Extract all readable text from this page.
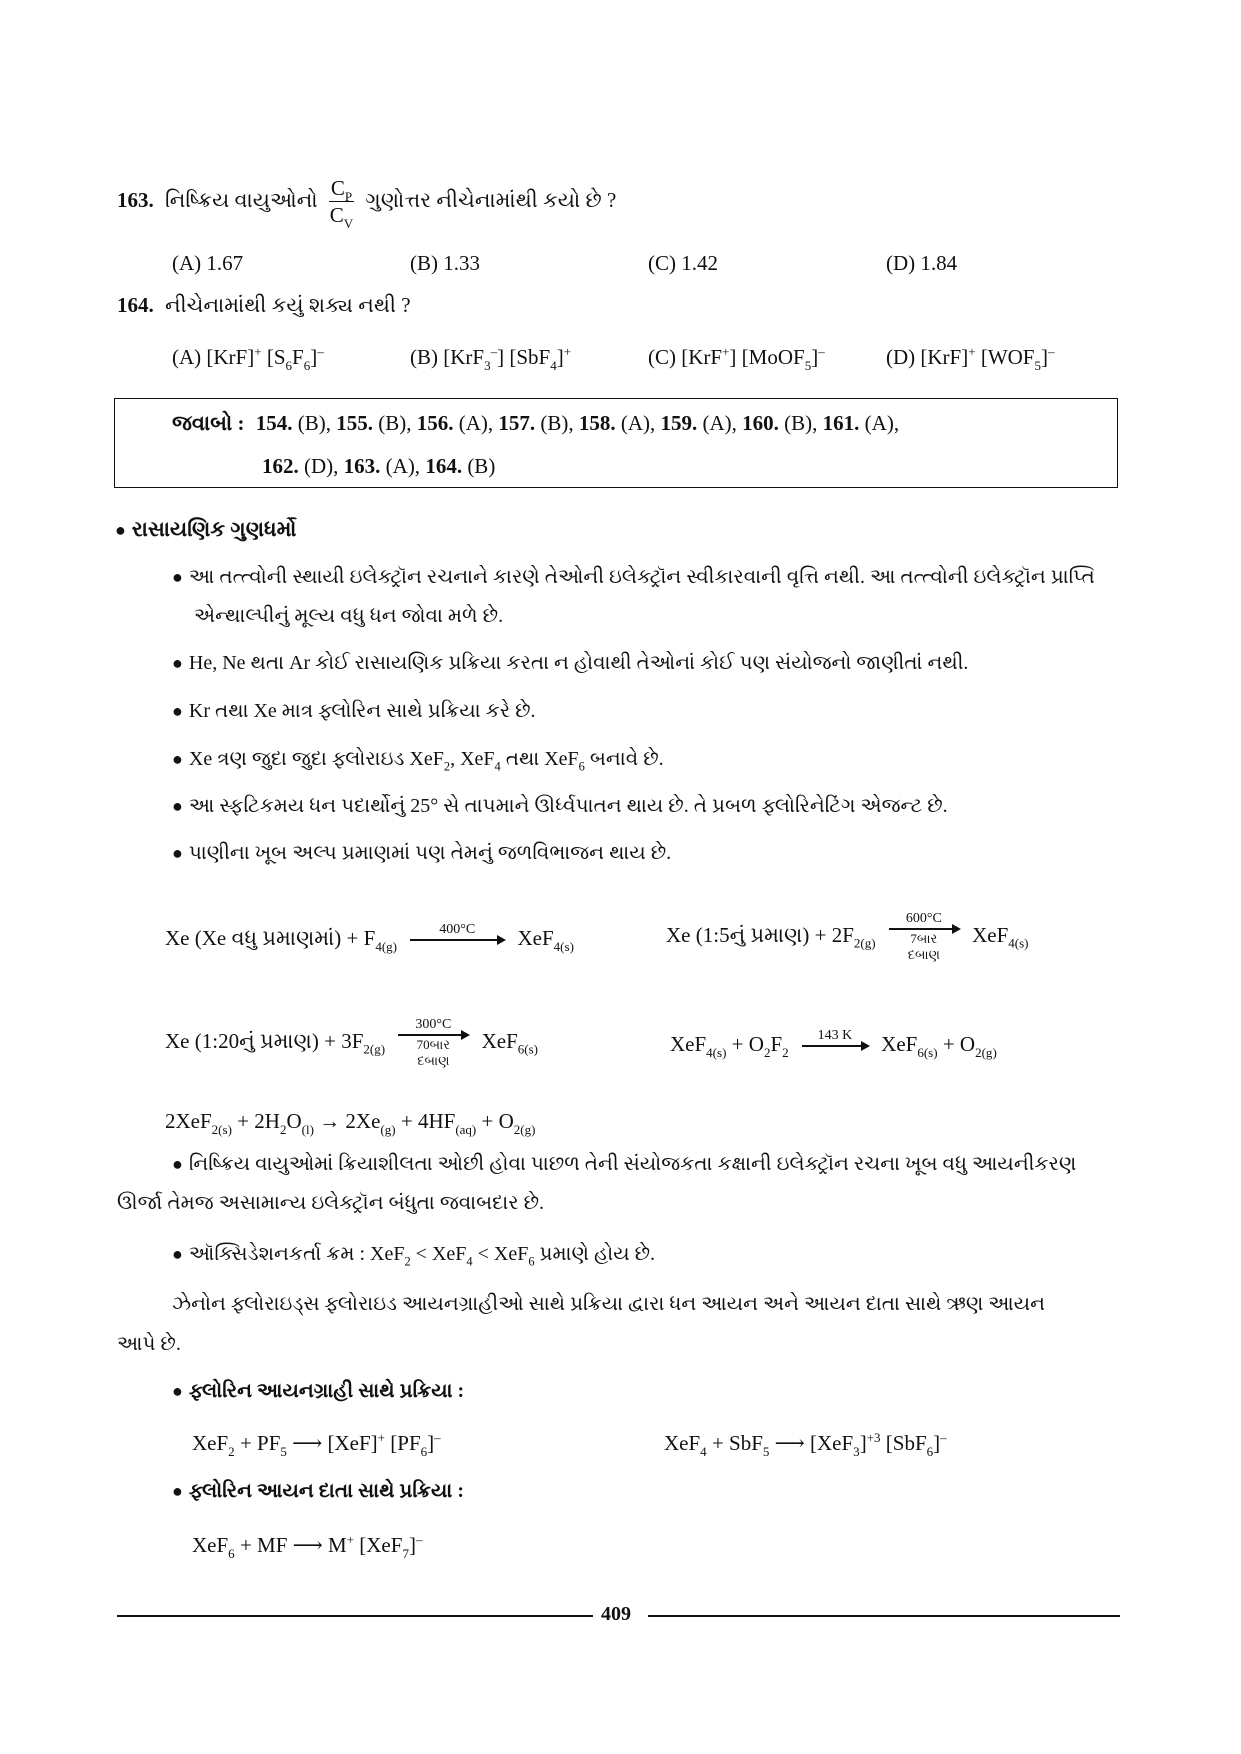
163. નિષ્ક્રિય વાયુઓનો $\frac{C_P}{C_V}$ ગુણોત્તર નીચેનામાંથી કયો છે ?
(A) 1.67	(B) 1.33	(C) 1.42	(D) 1.84
164. નીચેનામાંથી કયું શક્ય નથી ?
(A) [KrF]+ $[S_6F_6]^-$	(B) [KrF$_3$–] [SbF$_4$]+	(C) [KrF+] [MoOF$_5$]–	(D) [KrF]+ $[WOF_5]^-$
જવાબો : 154. (B), 155. (B), 156. (A), 157. (B), 158. (A), 159. (A), 160. (B), 161. (A),
162. (D), 163. (A), 164. (B)
● રાસાયણિક ગુણધર્મો
● આ તત્ત્વોની સ્થાયી ઇલેક્ટ્રૉન રચનાને કારણે તેઓની ઇલેક્ટ્રૉન સ્વીકારવાની વૃત્તિ નથી. આ તત્ત્વોની ઇલેક્ટ્રૉન પ્રાપ્તિ
એન્થાલ્પીનું મૂલ્ય વધુ ધન જોવા મળે છે.
● He, Ne થતા Ar કોઈ રાસાયણિક પ્રક્રિયા કરતા ન હોવાથી તેઓનાં કોઈ પણ સંયોજનો જાણીતાં નથી.
● Kr તથા Xe માત્ર ફ્લોરિન સાથે પ્રક્રિયા કરે છે.
● Xe ત્રણ જુદા જુદા ફ્લોરાઇડ XeF$_2$, XeF$_4$ તથા XeF$_6$ બનાવે છે.
● આ સ્ફટિકમય ધન પદાર્થોનું 25° સે તાપમાને ઊર્ધ્વપાતન થાય છે. તે પ્રબળ ફ્લોરિનેટિંગ એજન્ટ છે.
● પાણીના ખૂબ અલ્પ પ્રમાણમાં પણ તેમનું જળવિભાજન થાય છે.
Xe (Xe વધુ પ્રમાણમાં) + $F_{4(g)}$
400°C
	XeF$_{4(s)}$	Xe (1:5નું પ્રમાણ) + $2F_{2(g)}$
600°C
7બાર
દબાણ
XeF$_{4(s)}$
Xe (1:20નું પ્રમાણ) + $3F_{2(g)}$
300°C
70બાર
દબાણ
XeF$_{6(s)}$	$XeF_{4(s)} + O_2F_2$
143 K
	$XeF_{6(s)} + O_{2(g)}$
$2XeF_{2(s)} + 2H_2O_{(l)} \to 2Xe_{(g)} + 4HF_{(aq)} + O_{2(g)}$
● નિષ્ક્રિય વાયુઓમાં ક્રિયાશીલતા ઓછી હોવા પાછળ તેની સંયોજકતા કક્ષાની ઇલેક્ટ્રૉન રચના ખૂબ વધુ આયનીકરણ
ઊર્જા તેમજ અસામાન્ય ઇલેક્ટ્રૉન બંધુતા જવાબદાર છે.
● ઑક્સિડેશનકર્તા ક્રમ : XeF$_2$ < XeF$_4$ < XeF$_6$ પ્રમાણે હોય છે.
ઝેનોન ફ્લોરાઇડ્સ ફ્લોરાઇડ આયનગ્રાહીઓ સાથે પ્રક્રિયા દ્વારા ધન આયન અને આયન દાતા સાથે ઋણ આયન
આપે છે.
● ફ્લોરિન આયનગ્રાહી સાથે પ્રક્રિયા :
$XeF_2 + PF_5$ ⟶ [XeF]+ $[PF_6]^-$	XeF$_4$ + SbF$_5$ ⟶ $[XeF_3]^{+3}$ [SbF$_6$]–
● ફ્લોરિન આયન દાતા સાથે પ્રક્રિયા :
XeF$_6$ + MF ⟶ M+ [XeF$_7$]–
409
